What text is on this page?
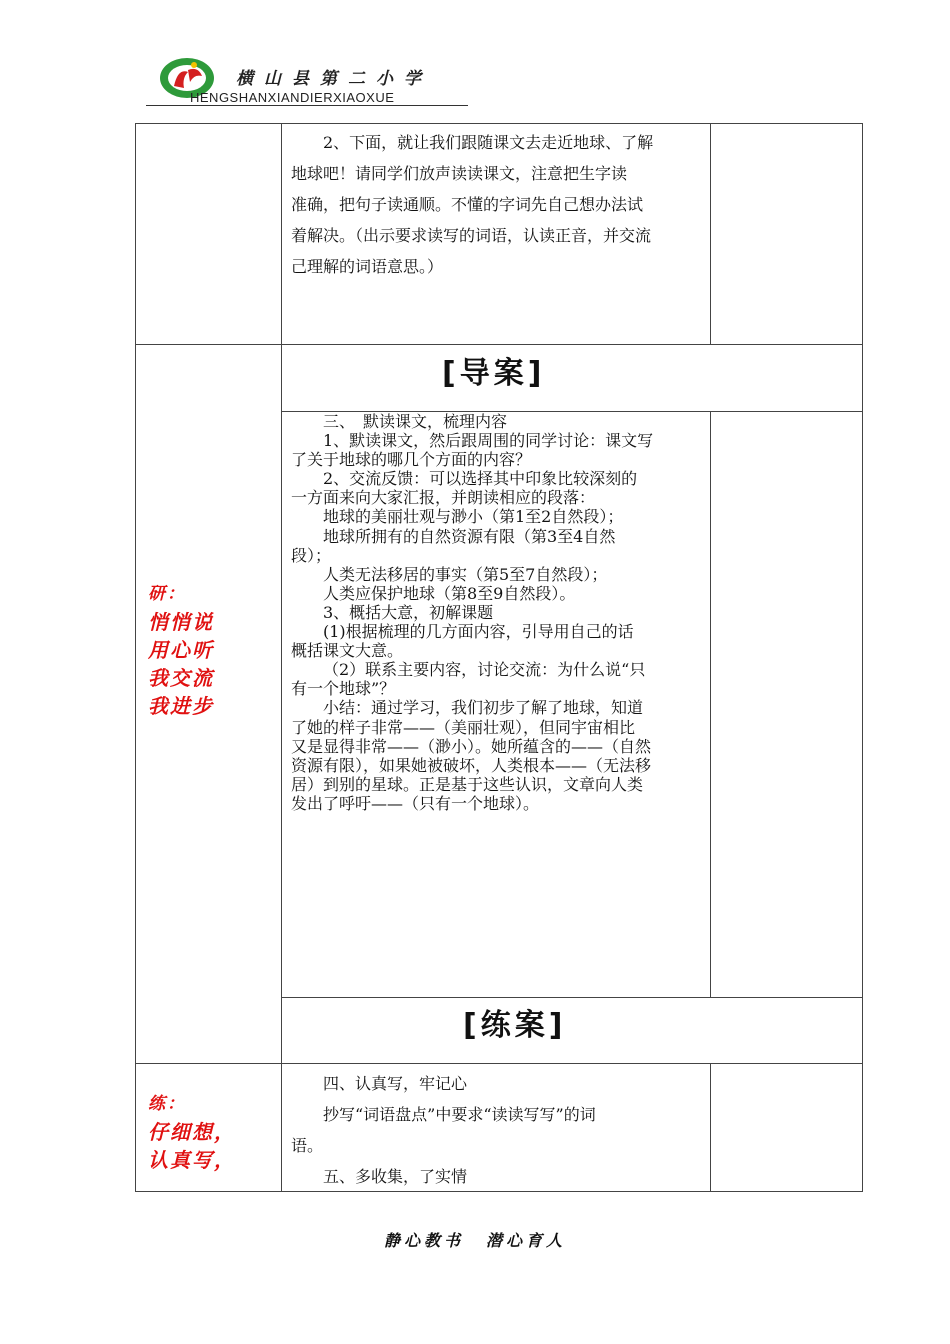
横山县第二小学
HENGSHANXIANDIERXIAOXUE

2、下面，就让我们跟随课文去走近地球、了解

地球吧！请同学们放声读读课文，注意把生字读

准确，把句子读通顺。不懂的字词先自己想办法试

着解决。（出示要求读写的词语，认读正音，并交流

己理解的词语意思。）

[导案]
研：
悄悄说
用心听
我交流
我进步

三、　默读课文，梳理内容

1、默读课文，然后跟周围的同学讨论：课文写

了关于地球的哪几个方面的内容？

2、交流反馈：可以选择其中印象比较深刻的

一方面来向大家汇报，并朗读相应的段落：

地球的美丽壮观与渺小（第1至2自然段）；

地球所拥有的自然资源有限（第3至4自然

段）；

人类无法移居的事实（第5至7自然段）；

人类应保护地球（第8至9自然段）。

3、概括大意，初解课题

(1)根据梳理的几方面内容，引导用自己的话

概括课文大意。

（2）联系主要内容，讨论交流：为什么说“只

有一个地球”？

小结：通过学习，我们初步了解了地球，知道

了她的样子非常——（美丽壮观），但同宇宙相比

又是显得非常——（渺小）。她所蕴含的——（自然

资源有限），如果她被破坏，人类根本——（无法移

居）到别的星球。正是基于这些认识，文章向人类

发出了呼吁——（只有一个地球）。

[练案]
练：
仔细想，
认真写，

四、认真写，牢记心

抄写“词语盘点”中要求“读读写写”的词

语。

五、多收集，了实情

静心教书 潜心育人
